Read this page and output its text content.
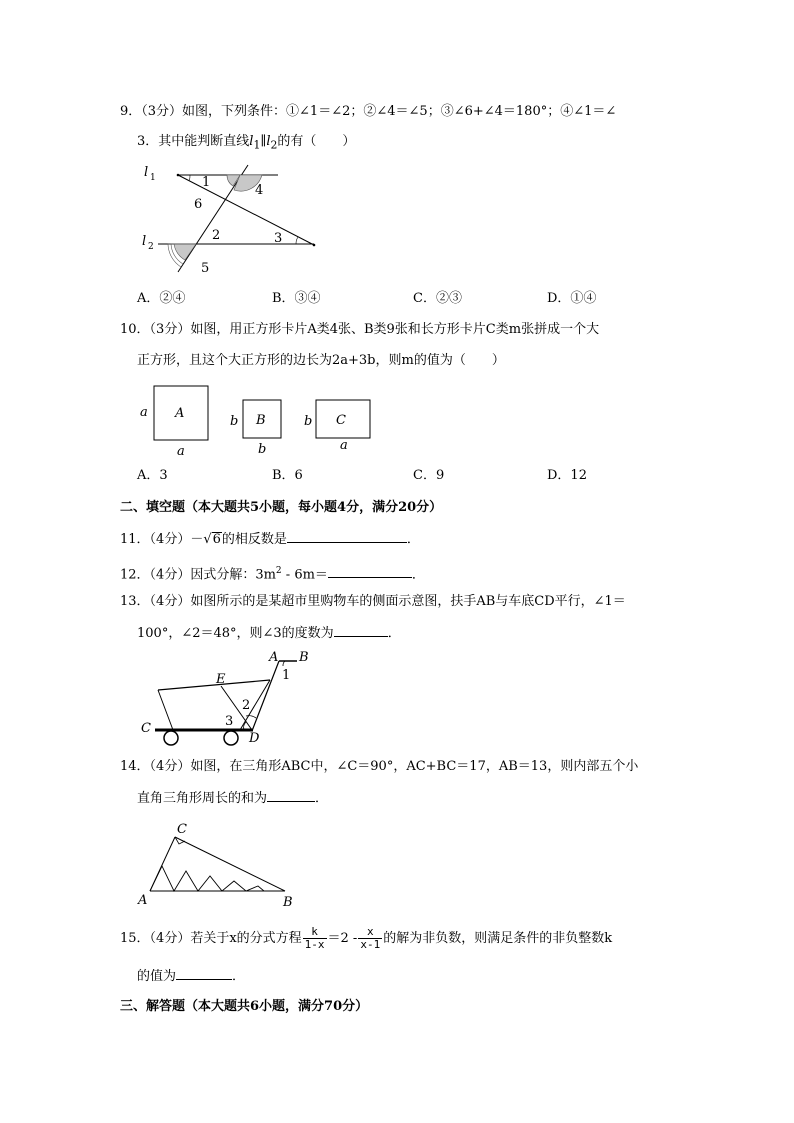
9．（3分）如图，下列条件：①∠1＝∠2；②∠4＝∠5；③∠6+∠4＝180°；④∠1＝∠
3．其中能判断直线$l_1\parallel l_2$的有（　　）
l 1
l 2
1
4
6
2	3
5
A．②④	B．③④	C．②③	D．①④
10．（3分）如图，用正方形卡片A类4张、B类9张和长方形卡片C类m张拼成一个大
正方形，且这个大正方形的边长为2a+3b，则m的值为（　　）
A
a
a
B
b
b
C
b
a
A．3	B．6	C．9	D．12
二、填空题（本大题共5小题，每小题4分，满分20分）
11．（4分）－√6的相反数是	．
12．（4分）因式分解：$3m^2 - 6m=$	．
13．（4分）如图所示的是某超市里购物车的侧面示意图，扶手AB与车底CD平行，∠1＝
100°，∠2＝48°，则∠3的度数为	．
A B
1
E
2
3
C
D
14．（4分）如图，在三角形ABC中，∠C＝90°，AC+BC＝17，AB＝13，则内部五个小
直角三角形周长的和为	．
A	B
C
15．（4分）若关于x的分式方程 $\frac{k}{1-x} =2 - \frac{x}{x-1}$ 的解为非负数，则满足条件的非负整数k
的值为	．
三、解答题（本大题共6小题，满分70分）
